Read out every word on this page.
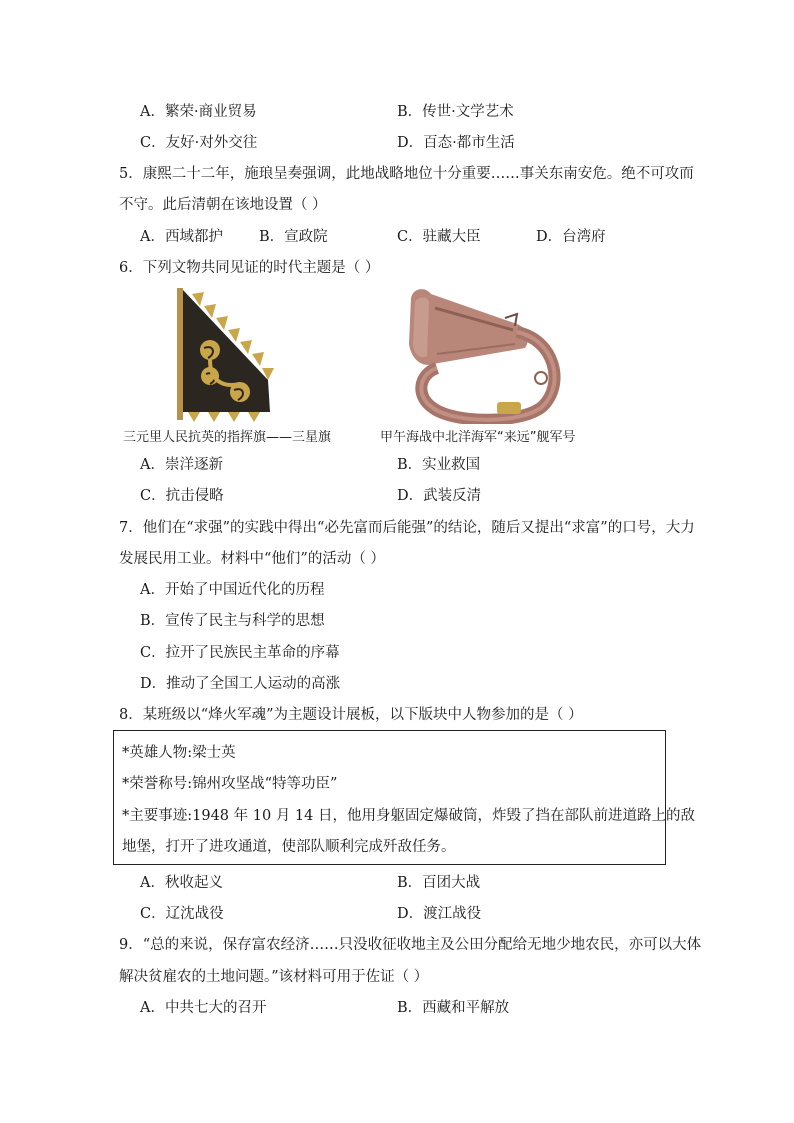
A．繁荣·商业贸易	B．传世·文学艺术
C．友好·对外交往	D．百态·都市生活
5．康熙二十二年，施琅呈奏强调，此地战略地位十分重要……事关东南安危。绝不可攻而
不守。此后清朝在该地设置（ ）
A．西域都护 B．宣政院	C．驻藏大臣	D．台湾府
6．下列文物共同见证的时代主题是（ ）
三元里人民抗英的指挥旗——三星旗	甲午海战中北洋海军“来远”舰军号
A．崇洋逐新	B．实业救国
C．抗击侵略	D．武装反清
7．他们在“求强”的实践中得出“必先富而后能强”的结论，随后又提出“求富”的口号，大力
发展民用工业。材料中“他们”的活动（ ）
A．开始了中国近代化的历程
B．宣传了民主与科学的思想
C．拉开了民族民主革命的序幕
D．推动了全国工人运动的高涨
8．某班级以“烽火军魂”为主题设计展板，以下版块中人物参加的是（ ）
*英雄人物:梁士英
*荣誉称号:锦州攻坚战“特等功臣”
*主要事迹:1948 年 10 月 14 日，他用身躯固定爆破筒，炸毁了挡在部队前进道路上的敌
地堡，打开了进攻通道，使部队顺利完成歼敌任务。
A．秋收起义	B．百团大战
C．辽沈战役	D．渡江战役
9．“总的来说，保存富农经济……只没收征收地主及公田分配给无地少地农民，亦可以大体
解决贫雇农的土地问题。”该材料可用于佐证（ ）
A．中共七大的召开	B．西藏和平解放
